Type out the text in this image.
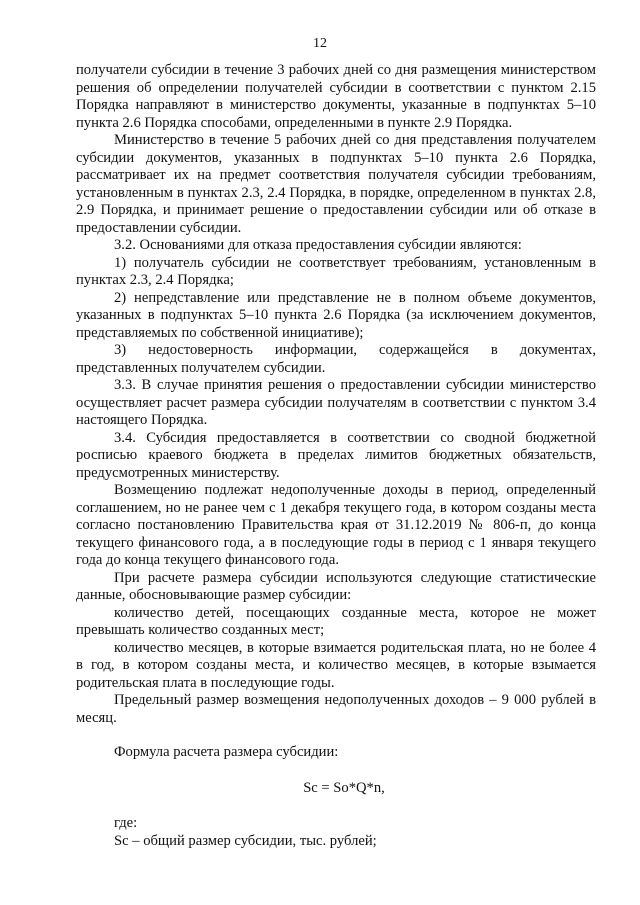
12

получатели субсидии в течение 3 рабочих дней со дня размещения министерством решения об определении получателей субсидии в соответствии с пунктом 2.15 Порядка направляют в министерство документы, указанные в подпунктах 5–10 пункта 2.6 Порядка способами, определенными в пункте 2.9 Порядка.

Министерство в течение 5 рабочих дней со дня представления получателем субсидии документов, указанных в подпунктах 5–10 пункта 2.6 Порядка, рассматривает их на предмет соответствия получателя субсидии требованиям, установленным в пунктах 2.3, 2.4 Порядка, в порядке, определенном в пунктах 2.8, 2.9 Порядка, и принимает решение о предоставлении субсидии или об отказе в предоставлении субсидии.

3.2. Основаниями для отказа предоставления субсидии являются:

1) получатель субсидии не соответствует требованиям, установленным в пунктах 2.3, 2.4 Порядка;

2) непредставление или представление не в полном объеме документов, указанных в подпунктах 5–10 пункта 2.6 Порядка (за исключением документов, представляемых по собственной инициативе);

3) недостоверность информации, содержащейся в документах, представленных получателем субсидии.

3.3. В случае принятия решения о предоставлении субсидии министерство осуществляет расчет размера субсидии получателям в соответствии с пунктом 3.4 настоящего Порядка.

3.4. Субсидия предоставляется в соответствии со сводной бюджетной росписью краевого бюджета в пределах лимитов бюджетных обязательств, предусмотренных министерству.

Возмещению подлежат недополученные доходы в период, определенный соглашением, но не ранее чем с 1 декабря текущего года, в котором созданы места согласно постановлению Правительства края от 31.12.2019 № 806-п, до конца текущего финансового года, а в последующие годы в период с 1 января текущего года до конца текущего финансового года.

При расчете размера субсидии используются следующие статистические данные, обосновывающие размер субсидии:

количество детей, посещающих созданные места, которое не может превышать количество созданных мест;

количество месяцев, в которые взимается родительская плата, но не более 4 в год, в котором созданы места, и количество месяцев, в которые взымается родительская плата в последующие годы.

Предельный размер возмещения недополученных доходов – 9 000 рублей в месяц.

Формула расчета размера субсидии:

Sc = So*Q*n,

где:

Sc – общий размер субсидии, тыс. рублей;
